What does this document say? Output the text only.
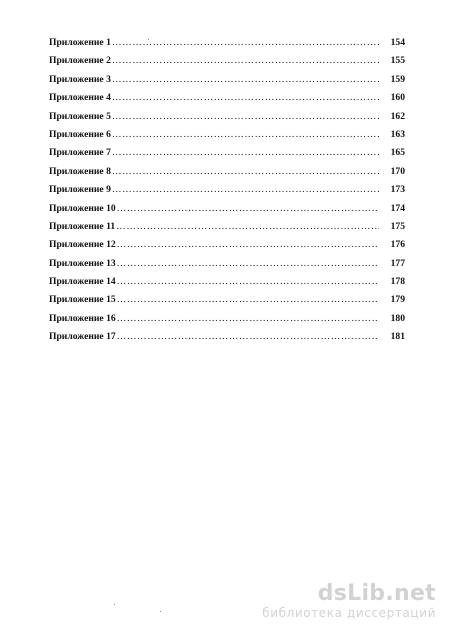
Приложение 1 ……………………………………………………………………………………………………………………………………	154
Приложение 2 ……………………………………………………………………………………………………………………………………	155
Приложение 3 ……………………………………………………………………………………………………………………………………	159
Приложение 4 ……………………………………………………………………………………………………………………………………	160
Приложение 5 ……………………………………………………………………………………………………………………………………	162
Приложение 6 ……………………………………………………………………………………………………………………………………	163
Приложение 7 ……………………………………………………………………………………………………………………………………	165
Приложение 8 ……………………………………………………………………………………………………………………………………	170
Приложение 9 ……………………………………………………………………………………………………………………………………	173
Приложение 10 ……………………………………………………………………………………………………………………………………	174
Приложение 11 ……………………………………………………………………………………………………………………………………	175
Приложение 12 ……………………………………………………………………………………………………………………………………	176
Приложение 13 ……………………………………………………………………………………………………………………………………	177
Приложение 14 ……………………………………………………………………………………………………………………………………	178
Приложение 15 ……………………………………………………………………………………………………………………………………	179
Приложение 16 ……………………………………………………………………………………………………………………………………	180
Приложение 17 ……………………………………………………………………………………………………………………………………	181
dsLib.net
библиотека диссертаций
